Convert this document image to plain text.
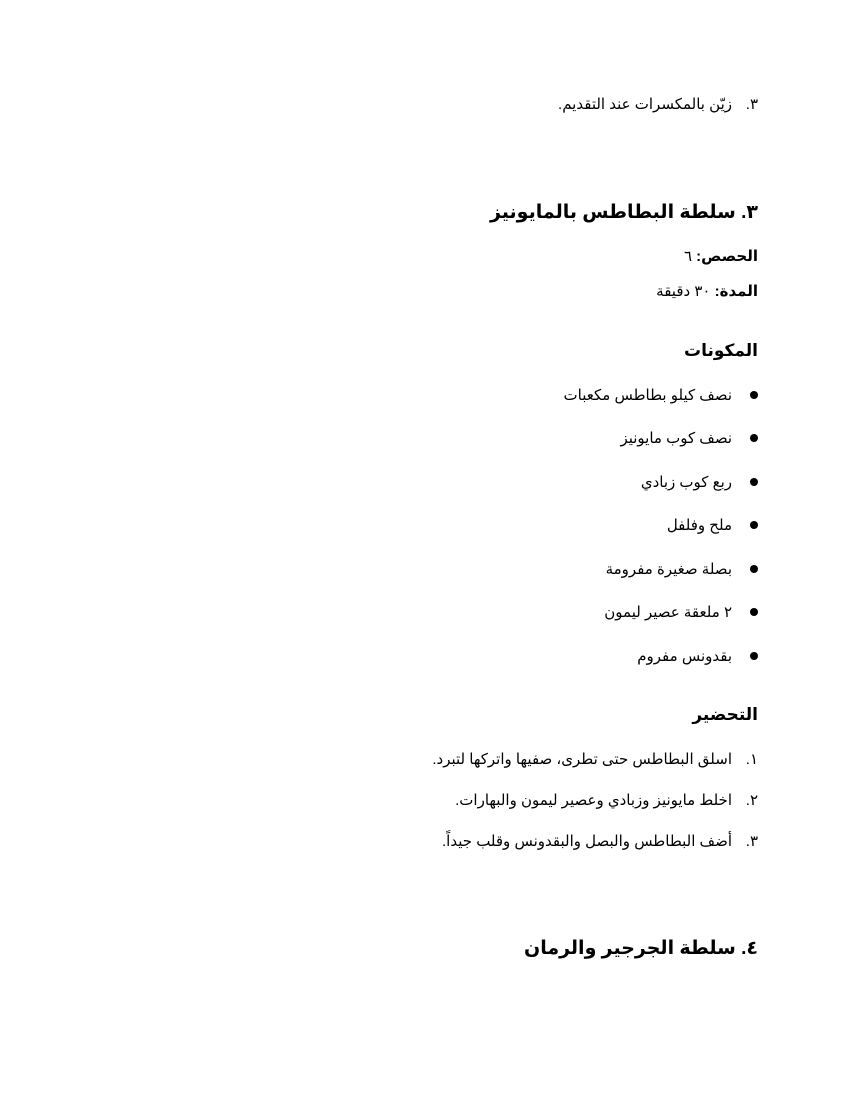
٣.زيّن بالمكسرات عند التقديم.
٣. سلطة البطاطس بالمايونيز
الحصص: ٦
المدة: ٣٠ دقيقة
المكونات
نصف كيلو بطاطس مكعبات
نصف كوب مايونيز
ربع كوب زبادي
ملح وفلفل
بصلة صغيرة مفرومة
٢ ملعقة عصير ليمون
بقدونس مفروم
التحضير
١.اسلق البطاطس حتى تطرى، صفيها واتركها لتبرد.
٢.اخلط مايونيز وزبادي وعصير ليمون والبهارات.
٣.أضف البطاطس والبصل والبقدونس وقلب جيداً.
٤. سلطة الجرجير والرمان
